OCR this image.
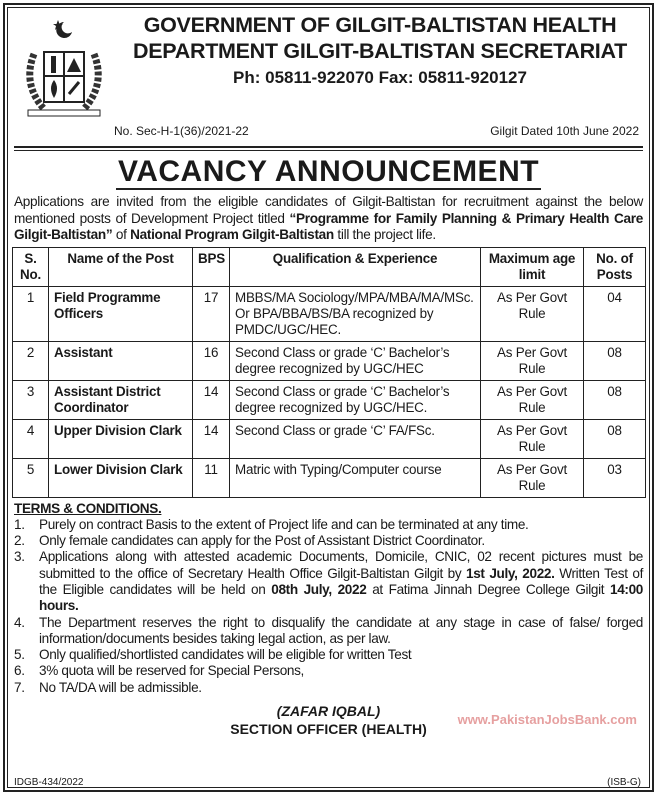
GOVERNMENT OF GILGIT-BALTISTAN HEALTH
DEPARTMENT GILGIT-BALTISTAN SECRETARIAT
Ph: 05811-922070 Fax: 05811-920127
No. Sec-H-1(36)/2021-22	Gilgit Dated 10th June 2022
VACANCY ANNOUNCEMENT
Applications are invited from the eligible candidates of Gilgit-Baltistan for recruitment against the below mentioned posts of Development Project titled “Programme for Family Planning & Primary Health Care Gilgit-Baltistan” of National Program Gilgit-Baltistan till the project life.
S. No.	Name of the Post	BPS	Qualification & Experience	Maximum age limit	No. of Posts
1	Field Programme Officers	17	MBBS/MA Sociology/MPA/MBA/MA/MSc. Or BPA/BBA/BS/BA recognized by PMDC/UGC/HEC.	As Per Govt Rule	04
2	Assistant	16	Second Class or grade ‘C’ Bachelor’s degree recognized by UGC/HEC	As Per Govt Rule	08
3	Assistant District Coordinator	14	Second Class or grade ‘C’ Bachelor’s degree recognized by UGC/HEC.	As Per Govt Rule	08
4	Upper Division Clark	14	Second Class or grade ‘C’ FA/FSc.	As Per Govt Rule	08
5	Lower Division Clark	11	Matric with Typing/Computer course	As Per Govt Rule	03
TERMS & CONDITIONS.
1.	Purely on contract Basis to the extent of Project life and can be terminated at any time.
2.	Only female candidates can apply for the Post of Assistant District Coordinator.
3.	Applications along with attested academic Documents, Domicile, CNIC, 02 recent pictures must be submitted to the office of Secretary Health Office Gilgit-Baltistan Gilgit by 1st July, 2022. Written Test of the Eligible candidates will be held on 08th July, 2022 at Fatima Jinnah Degree College Gilgit 14:00 hours.
4.	The Department reserves the right to disqualify the candidate at any stage in case of false/ forged information/documents besides taking legal action, as per law.
5.	Only qualified/shortlisted candidates will be eligible for written Test
6.	3% quota will be reserved for Special Persons,
7.	No TA/DA will be admissible.
(ZAFAR IQBAL)
SECTION OFFICER (HEALTH)
www.PakistanJobsBank.com
IDGB-434/2022	(ISB-G)
